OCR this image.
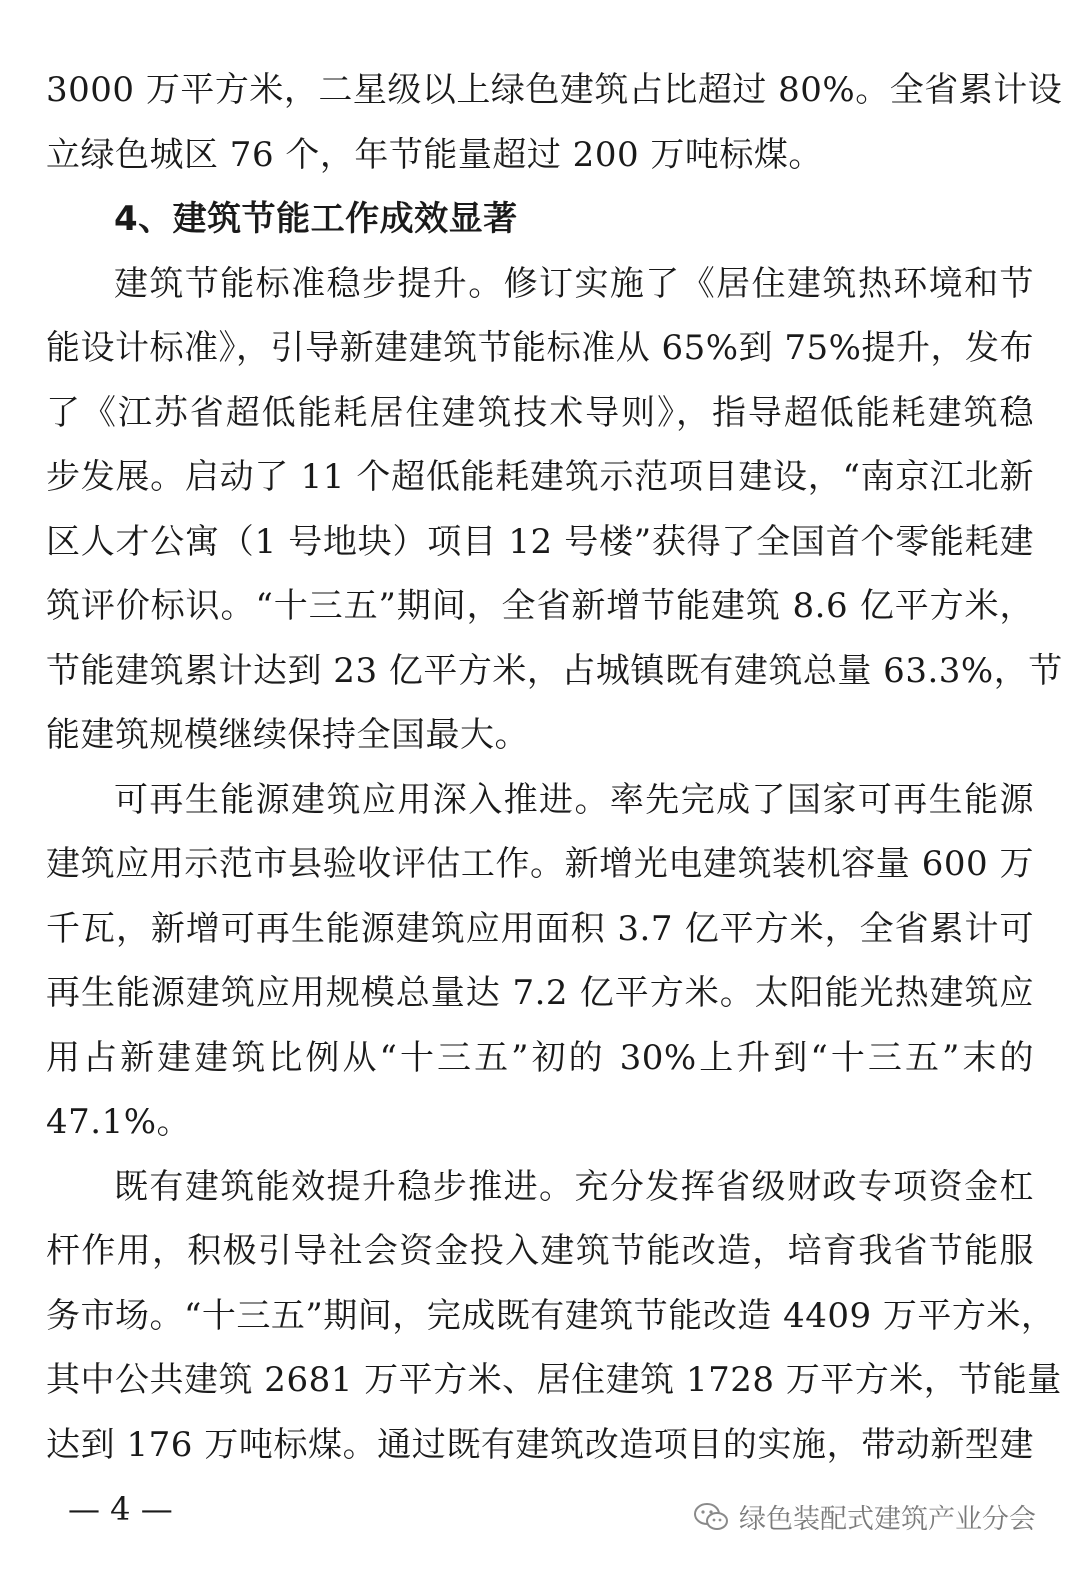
3000 万平方米，二星级以上绿色建筑占比超过 80%。全省累计设
立绿色城区 76 个，年节能量超过 200 万吨标煤。
4、建筑节能工作成效显著
建筑节能标准稳步提升。修订实施了《居住建筑热环境和节
能设计标准》，引导新建建筑节能标准从 65%到 75%提升，发布
了《江苏省超低能耗居住建筑技术导则》，指导超低能耗建筑稳
步发展。启动了 11 个超低能耗建筑示范项目建设，“南京江北新
区人才公寓（1 号地块）项目 12 号楼”获得了全国首个零能耗建
筑评价标识。“十三五”期间，全省新增节能建筑 8.6 亿平方米，
节能建筑累计达到 23 亿平方米，占城镇既有建筑总量 63.3%，节
能建筑规模继续保持全国最大。
可再生能源建筑应用深入推进。率先完成了国家可再生能源
建筑应用示范市县验收评估工作。新增光电建筑装机容量 600 万
千瓦，新增可再生能源建筑应用面积 3.7 亿平方米，全省累计可
再生能源建筑应用规模总量达 7.2 亿平方米。太阳能光热建筑应
用占新建建筑比例从“十三五”初的 30%上升到“十三五”末的
47.1%。
既有建筑能效提升稳步推进。充分发挥省级财政专项资金杠
杆作用，积极引导社会资金投入建筑节能改造，培育我省节能服
务市场。“十三五”期间，完成既有建筑节能改造 4409 万平方米，
其中公共建筑 2681 万平方米、居住建筑 1728 万平方米，节能量
达到 176 万吨标煤。通过既有建筑改造项目的实施，带动新型建
— 4 —	绿色装配式建筑产业分会
